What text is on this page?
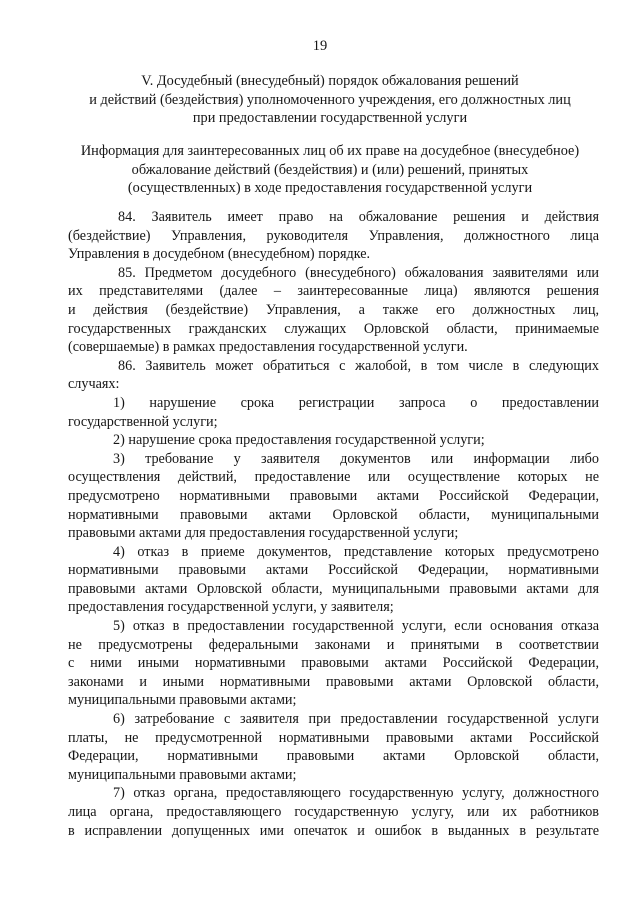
19
V. Досудебный (внесудебный) порядок обжалования решений
и действий (бездействия) уполномоченного учреждения, его должностных лиц
при предоставлении государственной услуги
Информация для заинтересованных лиц об их праве на досудебное (внесудебное)
обжалование действий (бездействия) и (или) решений, принятых
(осуществленных) в ходе предоставления государственной услуги
84. Заявитель имеет право на обжалование решения и действия
(бездействие) Управления, руководителя Управления, должностного лица
Управления в досудебном (внесудебном) порядке.
85. Предметом досудебного (внесудебного) обжалования заявителями или
их представителями (далее – заинтересованные лица) являются решения
и действия (бездействие) Управления, а также его должностных лиц,
государственных гражданских служащих Орловской области, принимаемые
(совершаемые) в рамках предоставления государственной услуги.
86. Заявитель может обратиться с жалобой, в том числе в следующих
случаях:
1) нарушение срока регистрации запроса о предоставлении
государственной услуги;
2) нарушение срока предоставления государственной услуги;
3) требование у заявителя документов или информации либо
осуществления действий, предоставление или осуществление которых не
предусмотрено нормативными правовыми актами Российской Федерации,
нормативными правовыми актами Орловской области, муниципальными
правовыми актами для предоставления государственной услуги;
4) отказ в приеме документов, представление которых предусмотрено
нормативными правовыми актами Российской Федерации, нормативными
правовыми актами Орловской области, муниципальными правовыми актами для
предоставления государственной услуги, у заявителя;
5) отказ в предоставлении государственной услуги, если основания отказа
не предусмотрены федеральными законами и принятыми в соответствии
с ними иными нормативными правовыми актами Российской Федерации,
законами и иными нормативными правовыми актами Орловской области,
муниципальными правовыми актами;
6) затребование с заявителя при предоставлении государственной услуги
платы, не предусмотренной нормативными правовыми актами Российской
Федерации, нормативными правовыми актами Орловской области,
муниципальными правовыми актами;
7) отказ органа, предоставляющего государственную услугу, должностного
лица органа, предоставляющего государственную услугу, или их работников
в исправлении допущенных ими опечаток и ошибок в выданных в результате
